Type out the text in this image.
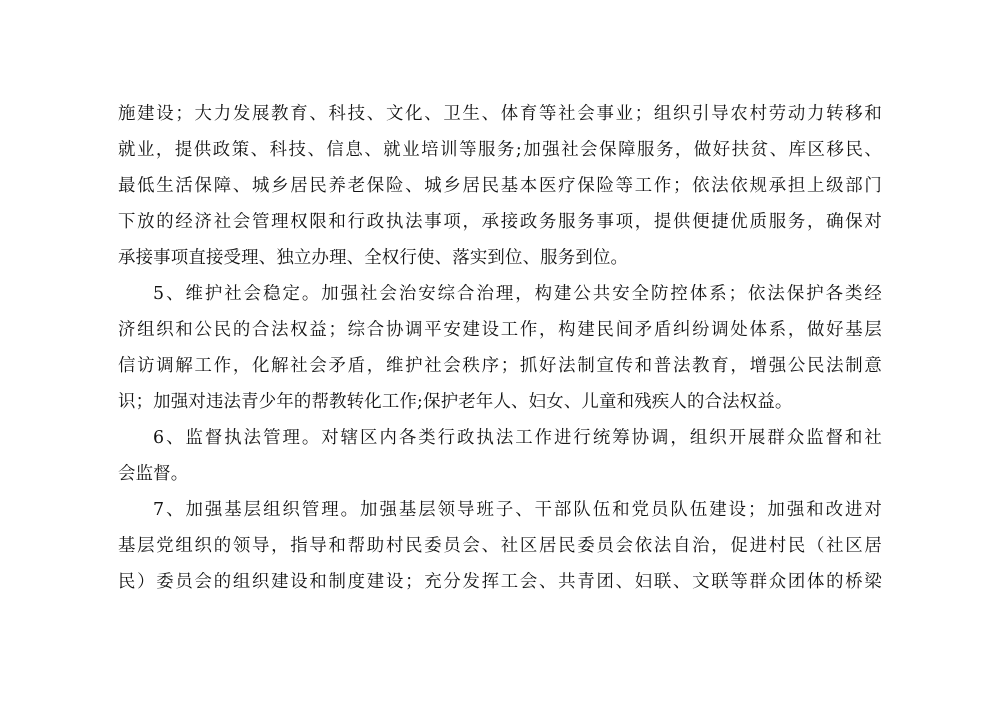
施建设；大力发展教育、科技、文化、卫生、体育等社会事业；组织引导农村劳动力转移和
就业，提供政策、科技、信息、就业培训等服务;加强社会保障服务，做好扶贫、库区移民、
最低生活保障、城乡居民养老保险、城乡居民基本医疗保险等工作；依法依规承担上级部门
下放的经济社会管理权限和行政执法事项，承接政务服务事项，提供便捷优质服务，确保对
承接事项直接受理、独立办理、全权行使、落实到位、服务到位。
5、维护社会稳定。加强社会治安综合治理，构建公共安全防控体系；依法保护各类经
济组织和公民的合法权益；综合协调平安建设工作，构建民间矛盾纠纷调处体系，做好基层
信访调解工作，化解社会矛盾，维护社会秩序；抓好法制宣传和普法教育，增强公民法制意
识；加强对违法青少年的帮教转化工作;保护老年人、妇女、儿童和残疾人的合法权益。
6、监督执法管理。对辖区内各类行政执法工作进行统筹协调，组织开展群众监督和社
会监督。
7、加强基层组织管理。加强基层领导班子、干部队伍和党员队伍建设；加强和改进对
基层党组织的领导，指导和帮助村民委员会、社区居民委员会依法自治，促进村民（社区居
民）委员会的组织建设和制度建设；充分发挥工会、共青团、妇联、文联等群众团体的桥梁
